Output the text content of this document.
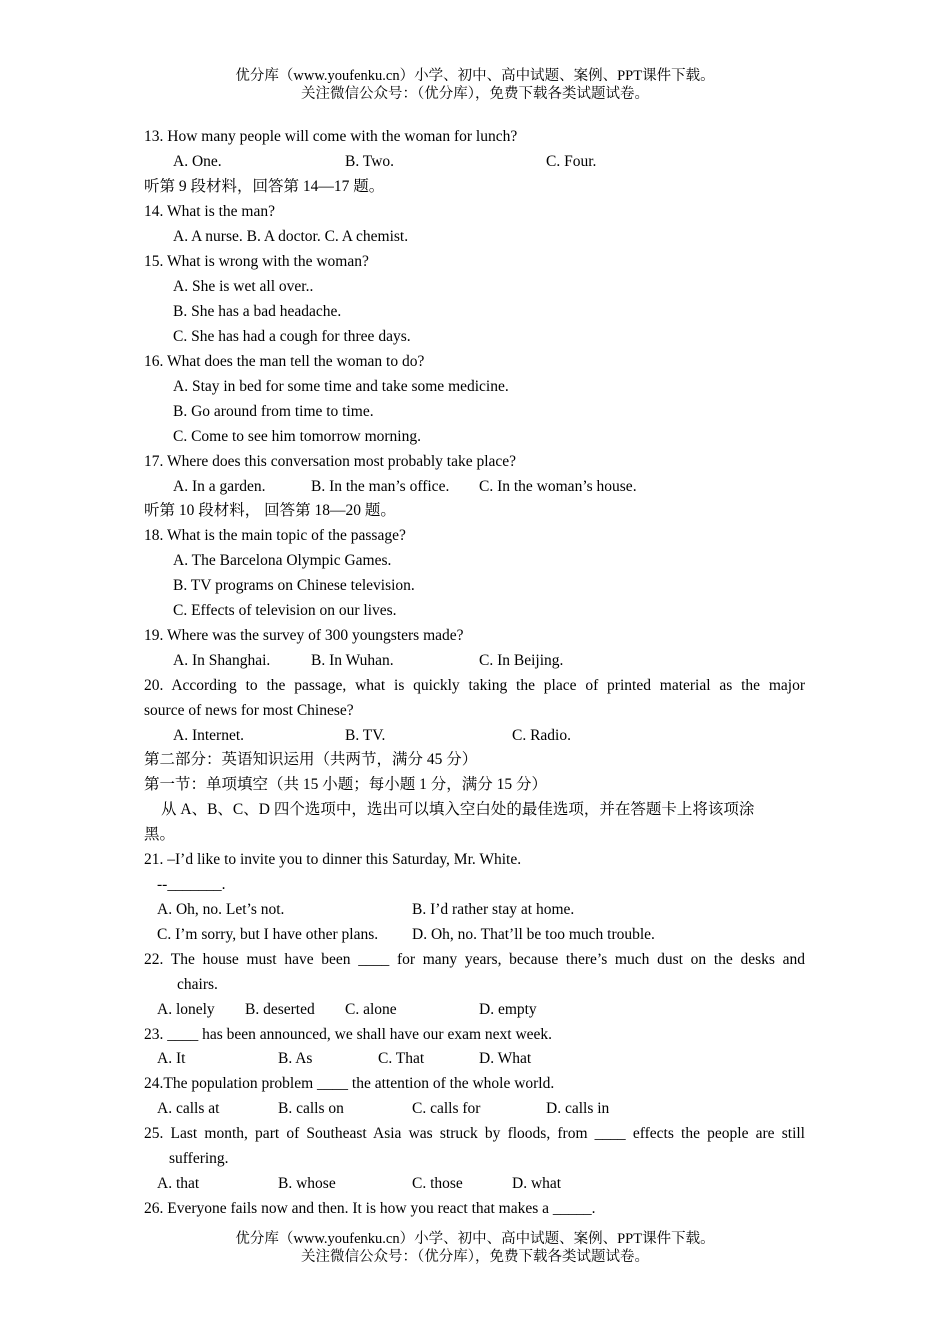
优分库（www.youfenku.cn）小学、初中、高中试题、案例、PPT课件下载。
关注微信公众号：（优分库），免费下载各类试题试卷。
13. How many people will come with the woman for lunch?
A. One.	B. Two.	C. Four.
听第 9 段材料，回答第 14—17 题。
14. What is the man?
A. A nurse. B. A doctor. C. A chemist.
15. What is wrong with the woman?
A. She is wet all over..
B. She has a bad headache.
C. She has had a cough for three days.
16. What does the man tell the woman to do?
A. Stay in bed for some time and take some medicine.
B. Go around from time to time.
C. Come to see him tomorrow morning.
17. Where does this conversation most probably take place?
A. In a garden.	B. In the man’s office. C. In the woman’s house.
听第 10 段材料， 回答第 18—20 题。
18. What is the main topic of the passage?
A. The Barcelona Olympic Games.
B. TV programs on Chinese television.
C. Effects of television on our lives.
19. Where was the survey of 300 youngsters made?
A. In Shanghai.	B. In Wuhan.	C. In Beijing.
20. According to the passage, what is quickly taking the place of printed material as the major
source of news for most Chinese?
A. Internet.	B. TV.	C. Radio.
第二部分：英语知识运用（共两节，满分 45 分）
第一节：单项填空（共 15 小题；每小题 1 分，满分 15 分）
从 A、B、C、D 四个选项中，选出可以填入空白处的最佳选项，并在答题卡上将该项涂
黑。
21. –I’d like to invite you to dinner this Saturday, Mr. White.
--_______.
A. Oh, no. Let’s not.	B. I’d rather stay at home.
C. I’m sorry, but I have other plans. D. Oh, no. That’ll be too much trouble.
22. The house must have been ____ for many years, because there’s much dust on the desks and
chairs.
A. lonely B. deserted C. alone	D. empty
23. ____ has been announced, we shall have our exam next week.
A. It	B. As	C. That	D. What
24.The population problem ____ the attention of the whole world.
A. calls at	B. calls on	C. calls for	D. calls in
25. Last month, part of Southeast Asia was struck by floods, from ____ effects the people are still
suffering.
A. that	B. whose	C. those	D. what
26. Everyone fails now and then. It is how you react that makes a _____.
优分库（www.youfenku.cn）小学、初中、高中试题、案例、PPT课件下载。
关注微信公众号：（优分库），免费下载各类试题试卷。
